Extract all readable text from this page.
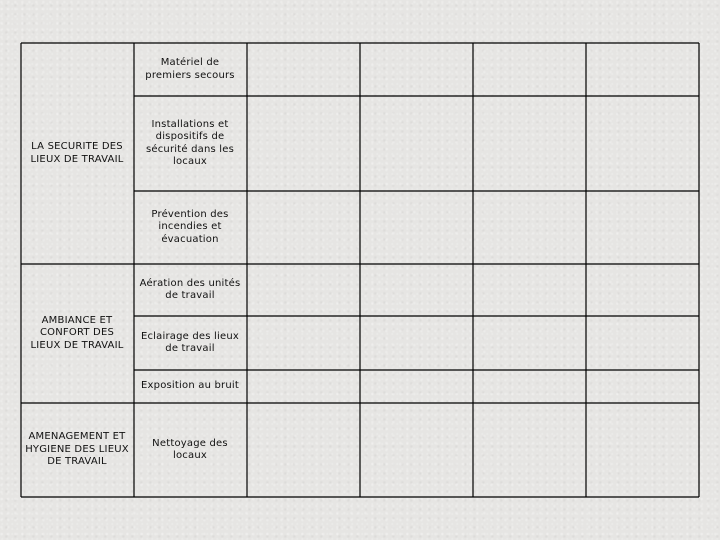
LA SECURITE DES LIEUX DE TRAVAIL
AMBIANCE ET CONFORT DES LIEUX DE TRAVAIL
AMENAGEMENT ET HYGIENE DES LIEUX DE TRAVAIL
Matériel de premiers secours
Installations et dispositifs de sécurité dans les locaux
Prévention des incendies et évacuation
Aération des unités de travail
Eclairage des lieux de travail
Exposition au bruit
Nettoyage des locaux
